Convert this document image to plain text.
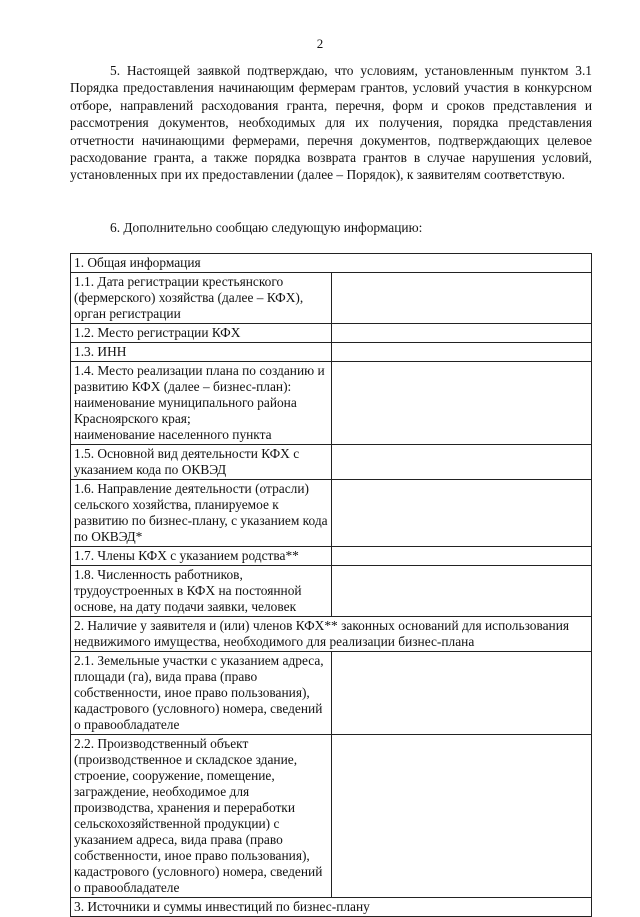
2
5. Настоящей заявкой подтверждаю, что условиям, установленным пунктом 3.1 Порядка предоставления начинающим фермерам грантов, условий участия в конкурсном отборе, направлений расходования гранта, перечня, форм и сроков представления и рассмотрения документов, необходимых для их получения, порядка представления отчетности начинающими фермерами, перечня документов, подтверждающих целевое расходование гранта, а также порядка возврата грантов в случае нарушения условий, установленных при их предоставлении (далее – Порядок), к заявителям соответствую.
6. Дополнительно сообщаю следующую информацию:
1. Общая информация	
1.1. Дата регистрации крестьянского (фермерского) хозяйства (далее – КФХ), орган регистрации	
1.2. Место регистрации КФХ	
1.3. ИНН	

1.4. Место реализации плана по созданию и развитию КФХ (далее – бизнес-план):
наименование муниципального района Красноярского края;
наименование населенного пункта	

1.5. Основной вид деятельности КФХ с указанием кода по ОКВЭД	
1.6. Направление деятельности (отрасли) сельского хозяйства, планируемое к развитию по бизнес-плану, с указанием кода по ОКВЭД*	
1.7. Члены КФХ с указанием родства**	
1.8. Численность работников, трудоустроенных в КФХ на постоянной основе, на дату подачи заявки, человек	
2. Наличие у заявителя и (или) членов КФХ** законных оснований для использования недвижимого имущества, необходимого для реализации бизнес-плана	
2.1. Земельные участки с указанием адреса, площади (га), вида права (право собственности, иное право пользования), кадастрового (условного) номера, сведений о правообладателе	
2.2. Производственный объект (производственное и складское здание, строение, сооружение, помещение, заграждение, необходимое для производства, хранения и переработки сельскохозяйственной продукции) с указанием адреса, вида права (право собственности, иное право пользования), кадастрового (условного) номера, сведений о правообладателе	
3. Источники и суммы инвестиций по бизнес-плану	
